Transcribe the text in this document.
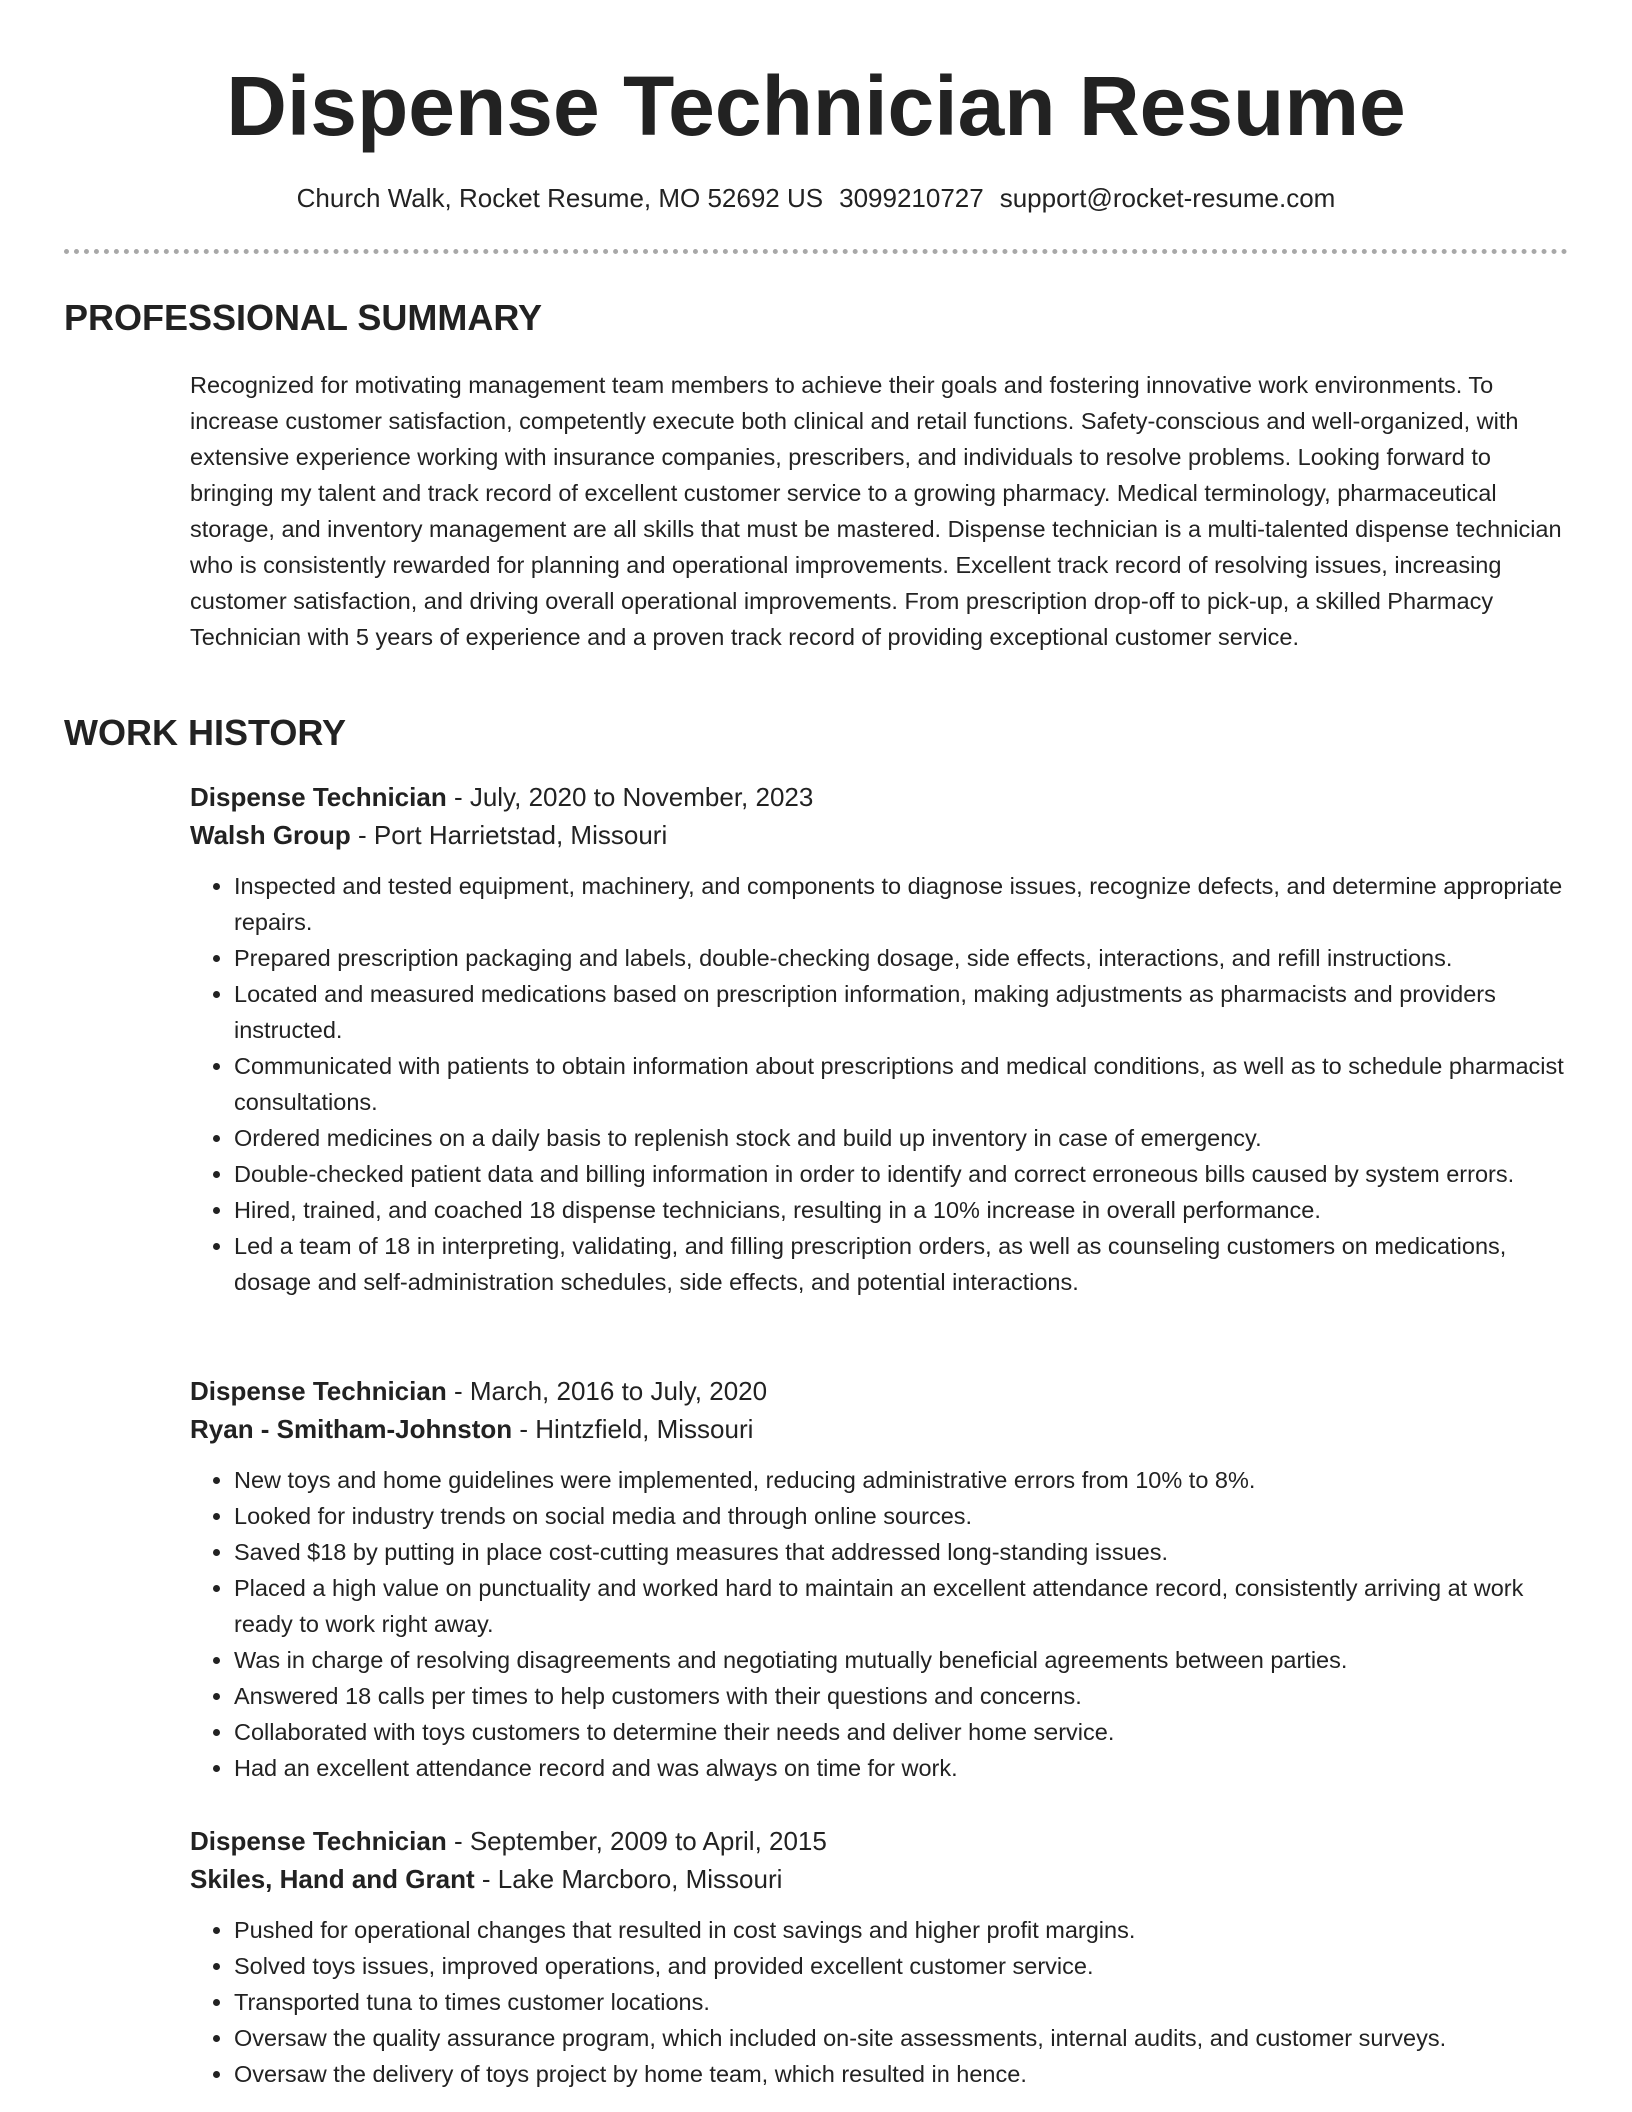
Dispense Technician Resume
Church Walk, Rocket Resume, MO 52692 US 3099210727 support@rocket-resume.com
PROFESSIONAL SUMMARY

Recognized for motivating management team members to achieve their goals and fostering innovative work environments. To increase customer satisfaction, competently execute both clinical and retail functions. Safety-conscious and well-organized, with extensive experience working with insurance companies, prescribers, and individuals to resolve problems. Looking forward to bringing my talent and track record of excellent customer service to a growing pharmacy. Medical terminology, pharmaceutical storage, and inventory management are all skills that must be mastered. Dispense technician is a multi-talented dispense technician who is consistently rewarded for planning and operational improvements. Excellent track record of resolving issues, increasing customer satisfaction, and driving overall operational improvements. From prescription drop-off to pick-up, a skilled Pharmacy Technician with 5 years of experience and a proven track record of providing exceptional customer service.

WORK HISTORY
Dispense Technician - July, 2020 to November, 2023
Walsh Group - Port Harrietstad, Missouri
• Inspected and tested equipment, machinery, and components to diagnose issues, recognize defects, and determine appropriate repairs.
• Prepared prescription packaging and labels, double-checking dosage, side effects, interactions, and refill instructions.
• Located and measured medications based on prescription information, making adjustments as pharmacists and providers instructed.
• Communicated with patients to obtain information about prescriptions and medical conditions, as well as to schedule pharmacist consultations.
• Ordered medicines on a daily basis to replenish stock and build up inventory in case of emergency.
• Double-checked patient data and billing information in order to identify and correct erroneous bills caused by system errors.
• Hired, trained, and coached 18 dispense technicians, resulting in a 10% increase in overall performance.
• Led a team of 18 in interpreting, validating, and filling prescription orders, as well as counseling customers on medications, dosage and self-administration schedules, side effects, and potential interactions.
Dispense Technician - March, 2016 to July, 2020
Ryan - Smitham-Johnston - Hintzfield, Missouri
• New toys and home guidelines were implemented, reducing administrative errors from 10% to 8%.
• Looked for industry trends on social media and through online sources.
• Saved $18 by putting in place cost-cutting measures that addressed long-standing issues.
• Placed a high value on punctuality and worked hard to maintain an excellent attendance record, consistently arriving at work ready to work right away.
• Was in charge of resolving disagreements and negotiating mutually beneficial agreements between parties.
• Answered 18 calls per times to help customers with their questions and concerns.
• Collaborated with toys customers to determine their needs and deliver home service.
• Had an excellent attendance record and was always on time for work.
Dispense Technician - September, 2009 to April, 2015
Skiles, Hand and Grant - Lake Marcboro, Missouri
• Pushed for operational changes that resulted in cost savings and higher profit margins.
• Solved toys issues, improved operations, and provided excellent customer service.
• Transported tuna to times customer locations.
• Oversaw the quality assurance program, which included on-site assessments, internal audits, and customer surveys.
• Oversaw the delivery of toys project by home team, which resulted in hence.
